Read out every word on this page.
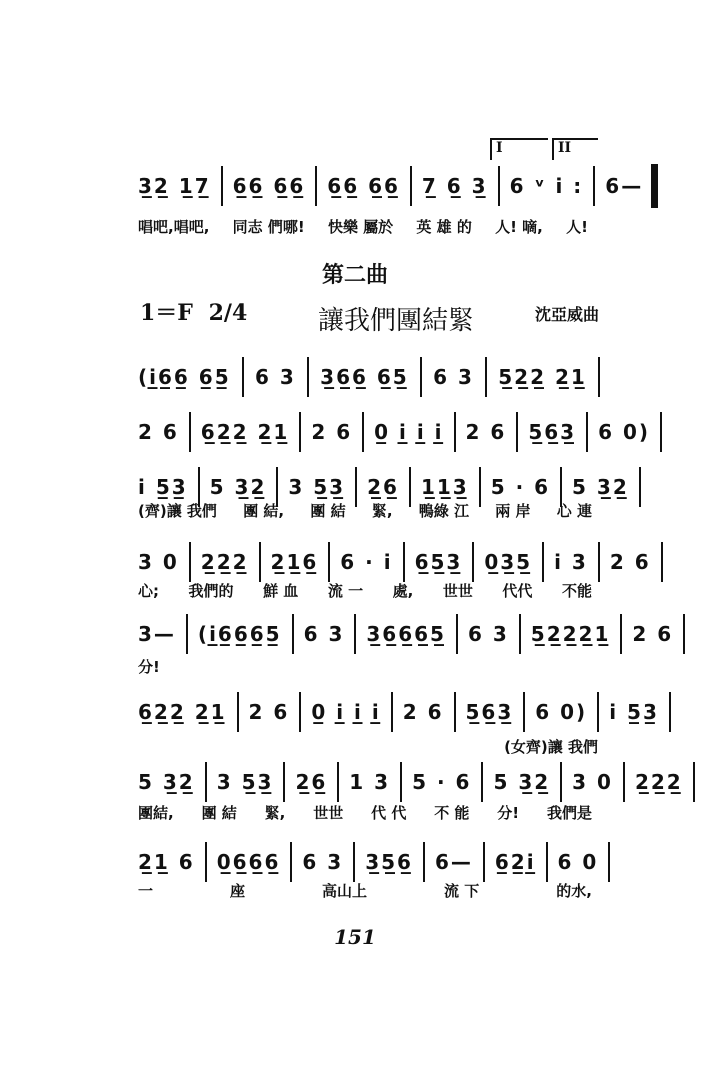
I	II
3̲2̲ 1̲7̲ 6̲6̲ 6̲6̲ 6̲6̲ 6̲6̲ 7̲ 6̲ 3̲ 6 ᵛ i : 6—
唱吧,唱吧, 同志 們哪! 快樂 屬於 英 雄 的 人! 嘀, 人!
第二曲
1＝F 2/4	讓我們團結緊	沈亞威曲
(i̲6̲6̲ 6̲5̲ 6 3 3̲6̲6̲ 6̲5̲ 6 3 5̲2̲2̲ 2̲1̲
2 6 6̲2̲2̲ 2̲1̲ 2 6 0̲ i̲ i̲ i̲ 2 6 5̲6̲3̲ 6 0)
i 5̲3̲ 5 3̲2̲ 3 5̲3̲ 2̲6̲ 1̲1̲3̲ 5 · 6 5 3̲2̲
(齊)讓 我們 團 結, 團 結 緊, 鴨綠 江 兩 岸 心 連
3 0 2̲2̲2̲ 2̲1̲6̲ 6 · i 6̲5̲3̲ 0̲3̲5̲ i 3 2 6
心; 我們的 鮮 血 流 一 處, 世世 代代 不能
3— (i̲6̲6̲6̲5̲ 6 3 3̲6̲6̲6̲5̲ 6 3 5̲2̲2̲2̲1̲ 2 6
分!
6̲2̲2̲ 2̲1̲ 2 6 0̲ i̲ i̲ i̲ 2 6 5̲6̲3̲ 6 0) i 5̲3̲
5 3̲2̲ 3 5̲3̲ 2̲6̲ 1 3 5 · 6 5 3̲2̲ 3 0 2̲2̲2̲
團結, 團 結 緊, 世世 代 代 不 能 分! 我們是
2̲1̲ 6 0̲6̲6̲6̲ 6 3 3̲5̲6̲ 6— 6̲2̲i̲ 6 0
一	座	高山上	流 下	的水,
(女齊)讓 我們
151
